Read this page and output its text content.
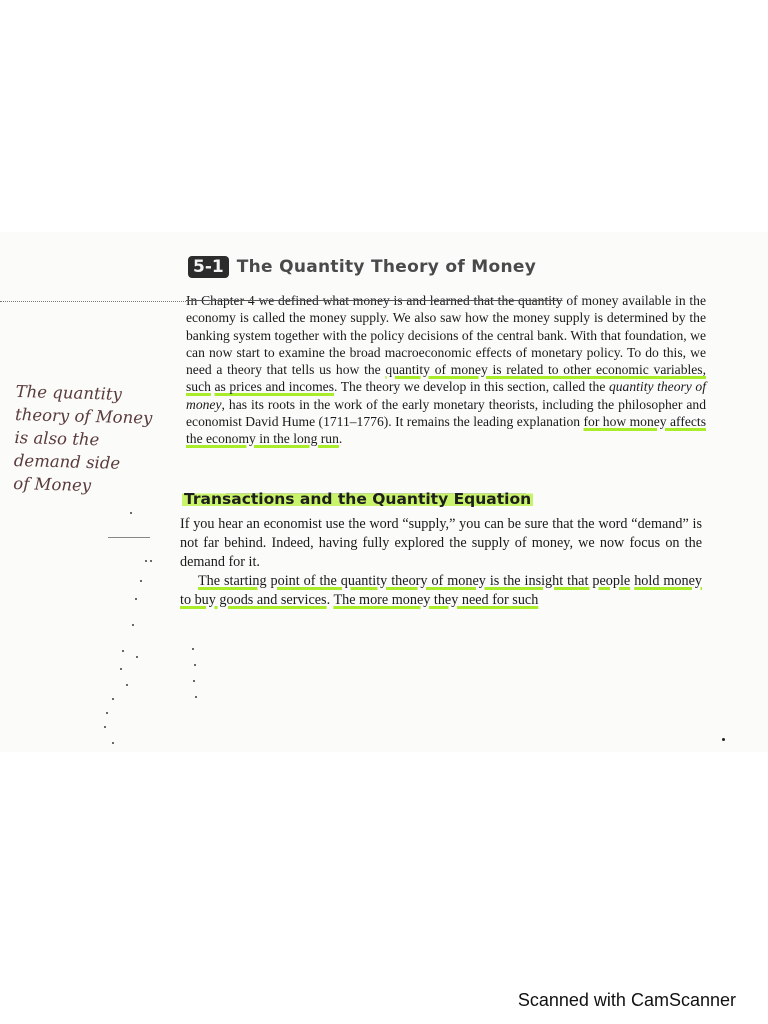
5-1 The Quantity Theory of Money
In Chapter 4 we defined what money is and learned that the quantity of money available in the economy is called the money supply. We also saw how the money supply is determined by the banking system together with the policy decisions of the central bank. With that foundation, we can now start to examine the broad macroeconomic effects of monetary policy. To do this, we need a theory that tells us how the quantity of money is related to other economic variables, such as prices and incomes. The theory we develop in this section, called the quantity theory of money, has its roots in the work of the early monetary theorists, including the philosopher and economist David Hume (1711–1776). It remains the leading explanation for how money affects the economy in the long run.
Transactions and the Quantity Equation
If you hear an economist use the word “supply,” you can be sure that the word “demand” is not far behind. Indeed, having fully explored the supply of money, we now focus on the demand for it.
The starting point of the quantity theory of money is the insight that people hold money to buy goods and services. The more money they need for such
The quantity
theory of Money
is also the
demand side
of Money
Scanned with CamScanner
